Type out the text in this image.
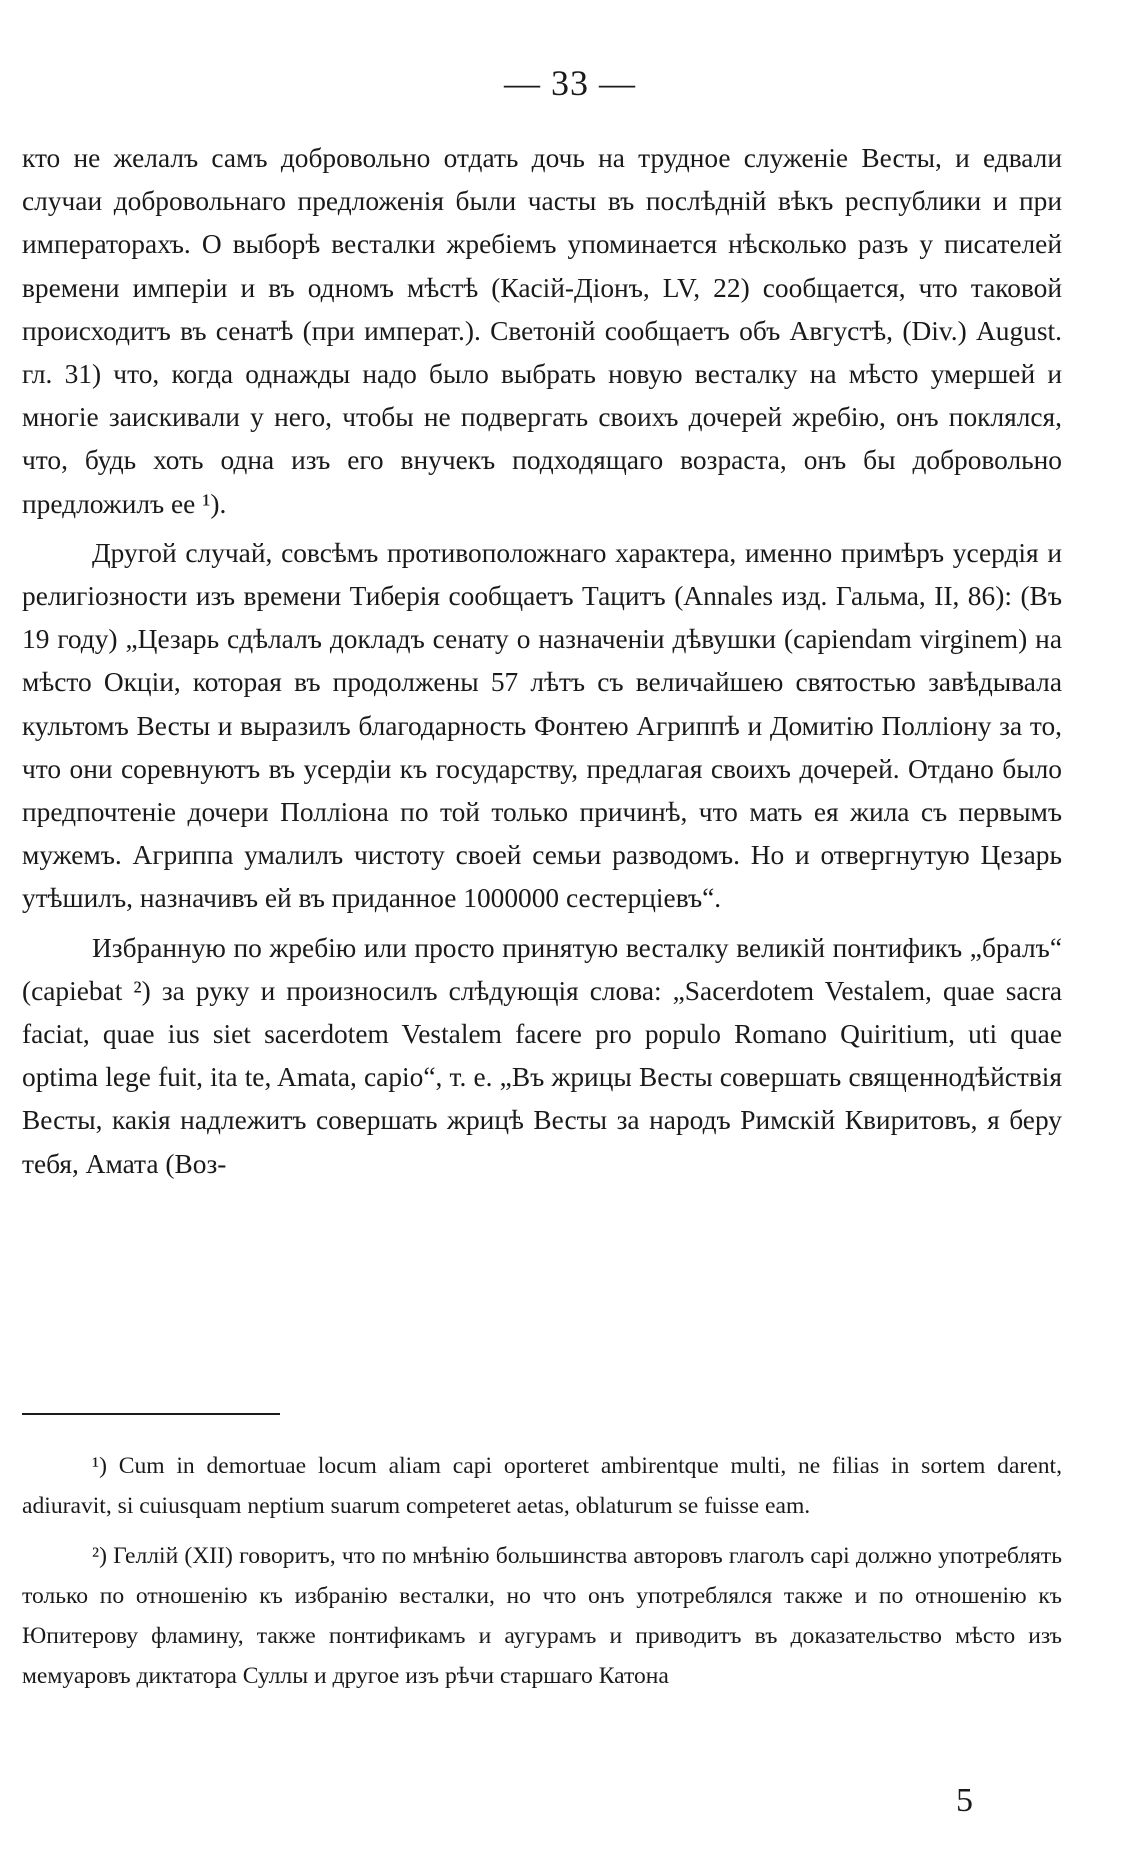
— 33 —

кто не желалъ самъ добровольно отдать дочь на трудное служеніе Весты, и едвали случаи добровольнаго предложенія были часты въ послѣдній вѣкъ республики и при императорахъ. О выборѣ весталки жребіемъ упоминается нѣсколько разъ у писателей времени имперіи и въ одномъ мѣстѣ (Касій-Діонъ, LV, 22) сообщается, что таковой происходитъ въ сенатѣ (при императ.). Светоній сообщаетъ объ Августѣ, (Div.) August. гл. 31) что, когда однажды надо было выбрать новую весталку на мѣсто умершей и многіе заискивали у него, чтобы не подвергать своихъ дочерей жребію, онъ поклялся, что, будь хоть одна изъ его внучекъ подходящаго возраста, онъ бы добровольно предложилъ ее ¹).

Другой случай, совсѣмъ противоположнаго характера, именно примѣръ усердія и религіозности изъ времени Тиберія сообщаетъ Тацитъ (Annales изд. Гальма, II, 86): (Въ 19 году) „Цезарь сдѣлалъ докладъ сенату о назначеніи дѣвушки (capiendam virginem) на мѣсто Окціи, которая въ продолжены 57 лѣтъ съ величайшею святостью завѣдывала культомъ Весты и выразилъ благодарность Фонтею Агриппѣ и Домитію Полліону за то, что они соревнуютъ въ усердіи къ государству, предлагая своихъ дочерей. Отдано было предпочтеніе дочери Полліона по той только причинѣ, что мать ея жила съ первымъ мужемъ. Агриппа умалилъ чистоту своей семьи разводомъ. Но и отвергнутую Цезарь утѣшилъ, назначивъ ей въ приданное 1000000 сестерціевъ“.

Избранную по жребію или просто принятую весталку великій понтификъ „бралъ“ (capiebat ²) за руку и произносилъ слѣдующія слова: „Sacerdotem Vestalem, quae sacra faciat, quae ius siet sacerdotem Vestalem facere pro populo Romano Quiritium, uti quae optima lege fuit, ita te, Amata, capio“, т. е. „Въ жрицы Весты совершать священнодѣйствія Весты, какія надлежитъ совершать жрицѣ Весты за народъ Римскій Квиритовъ, я беру тебя, Амата (Воз-

¹) Cum in demortuae locum aliam capi oporteret ambirentque multi, ne filias in sortem darent, adiuravit, si cuiusquam neptium suarum competeret aetas, oblaturum se fuisse eam.

²) Геллій (XII) говоритъ, что по мнѣнію большинства авторовъ глаголъ capi должно употреблять только по отношенію къ избранію весталки, но что онъ употреблялся также и по отношенію къ Юпитерову фламину, также понтификамъ и аугурамъ и приводитъ въ доказательство мѣсто изъ мемуаровъ диктатора Суллы и другое изъ рѣчи старшаго Катона

5
